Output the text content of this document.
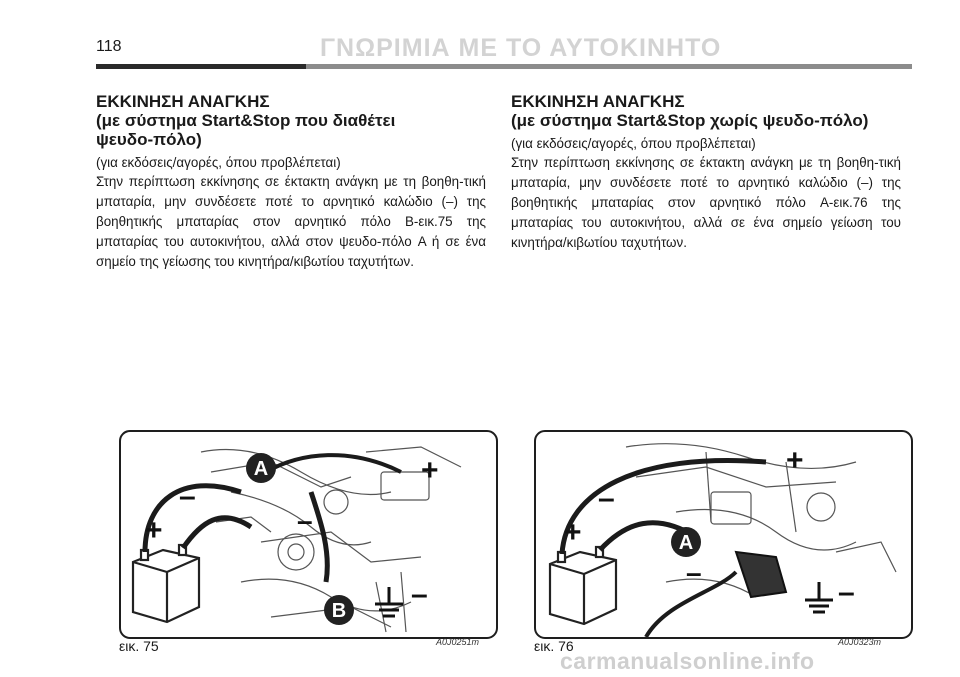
118	ΓΝΩΡΙΜΙΑ ΜΕ ΤΟ ΑΥΤΟΚΙΝΗΤΟ
ΕΚΚΙΝΗΣΗ ΑΝΑΓΚΗΣ
(με σύστημα Start&Stop που διαθέτει
ψευδο-πόλο)
(για εκδόσεις/αγορές, όπου προβλέπεται)
Στην περίπτωση εκκίνησης σε έκτακτη ανάγκη με τη βοηθη-τική μπαταρία, μην συνδέσετε ποτέ το αρνητικό καλώδιο (–) της βοηθητικής μπαταρίας στον αρνητικό πόλο B-εικ.75 της μπαταρίας του αυτοκινήτου, αλλά στον ψευδο-πόλο A ή σε ένα σημείο της γείωσης του κινητήρα/κιβωτίου ταχυτήτων.
ΕΚΚΙΝΗΣΗ ΑΝΑΓΚΗΣ
(με σύστημα Start&Stop χωρίς ψευδο-πόλο)
(για εκδόσεις/αγορές, όπου προβλέπεται)
Στην περίπτωση εκκίνησης σε έκτακτη ανάγκη με τη βοηθη-τική μπαταρία, μην συνδέσετε ποτέ το αρνητικό καλώδιο (–) της βοηθητικής μπαταρίας στον αρνητικό πόλο A-εικ.76 της μπαταρίας του αυτοκινήτου, αλλά σε ένα σημείο γείωση του κινητήρα/κιβωτίου ταχυτήτων.
A
B
+
–
+
–
–
εικ. 75	A0J0251m
A
+
–
+
–
–
εικ. 76	A0J0323m
carmanualsonline.info
